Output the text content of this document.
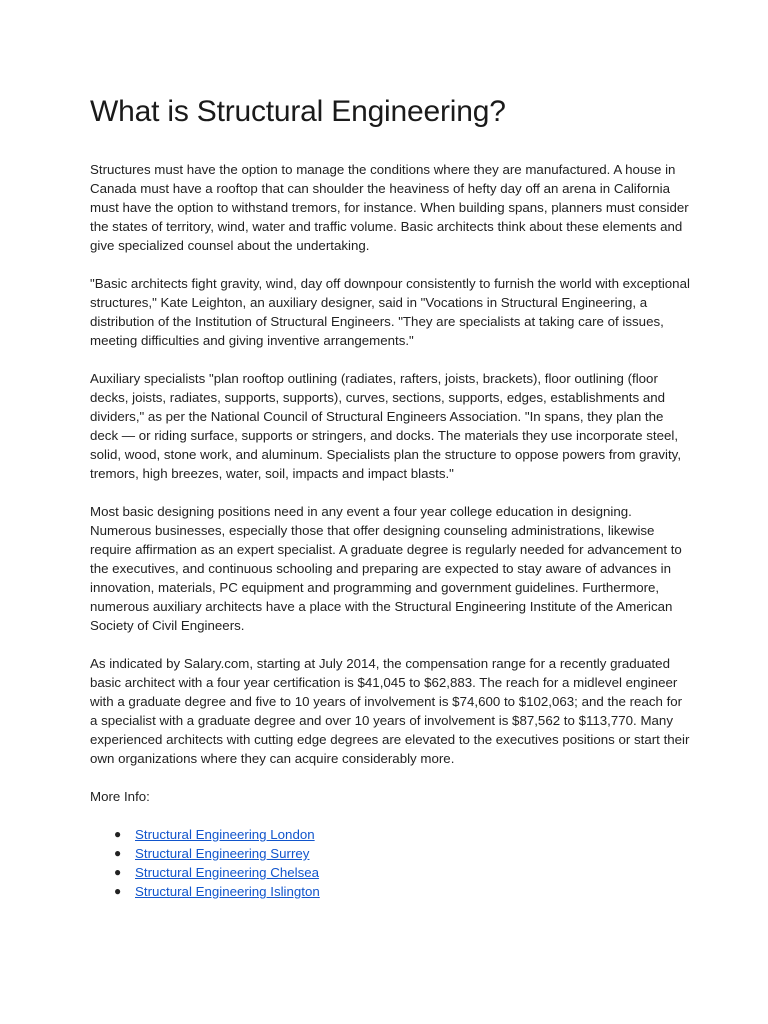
What is Structural Engineering?

Structures must have the option to manage the conditions where they are manufactured. A house in Canada must have a rooftop that can shoulder the heaviness of hefty day off an arena in California must have the option to withstand tremors, for instance. When building spans, planners must consider the states of territory, wind, water and traffic volume. Basic architects think about these elements and give specialized counsel about the undertaking.

"Basic architects fight gravity, wind, day off downpour consistently to furnish the world with exceptional structures," Kate Leighton, an auxiliary designer, said in "Vocations in Structural Engineering, a distribution of the Institution of Structural Engineers. "They are specialists at taking care of issues, meeting difficulties and giving inventive arrangements."

Auxiliary specialists "plan rooftop outlining (radiates, rafters, joists, brackets), floor outlining (floor decks, joists, radiates, supports, supports), curves, sections, supports, edges, establishments and dividers," as per the National Council of Structural Engineers Association. "In spans, they plan the deck — or riding surface, supports or stringers, and docks. The materials they use incorporate steel, solid, wood, stone work, and aluminum. Specialists plan the structure to oppose powers from gravity, tremors, high breezes, water, soil, impacts and impact blasts."

Most basic designing positions need in any event a four year college education in designing. Numerous businesses, especially those that offer designing counseling administrations, likewise require affirmation as an expert specialist. A graduate degree is regularly needed for advancement to the executives, and continuous schooling and preparing are expected to stay aware of advances in innovation, materials, PC equipment and programming and government guidelines. Furthermore, numerous auxiliary architects have a place with the Structural Engineering Institute of the American Society of Civil Engineers.

As indicated by Salary.com, starting at July 2014, the compensation range for a recently graduated basic architect with a four year certification is $41,045 to $62,883. The reach for a midlevel engineer with a graduate degree and five to 10 years of involvement is $74,600 to $102,063; and the reach for a specialist with a graduate degree and over 10 years of involvement is $87,562 to $113,770. Many experienced architects with cutting edge degrees are elevated to the executives positions or start their own organizations where they can acquire considerably more.

More Info:

● Structural Engineering London
● Structural Engineering Surrey
● Structural Engineering Chelsea
● Structural Engineering Islington
